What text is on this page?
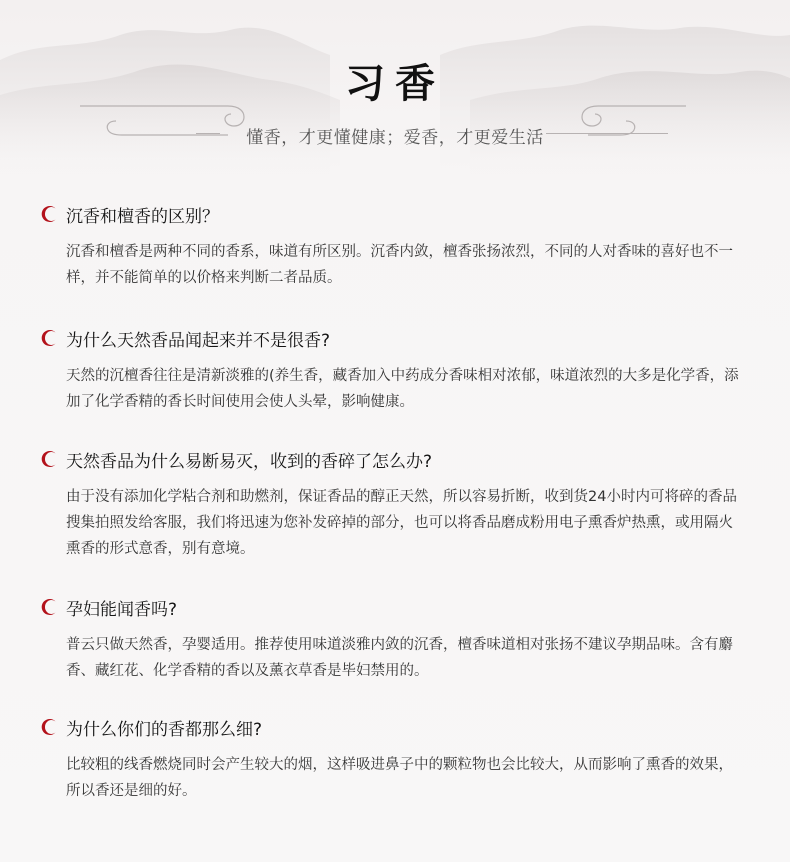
习香
懂香，才更懂健康；爱香，才更爱生活
沉香和檀香的区别？
沉香和檀香是两种不同的香系，味道有所区别。沉香内敛，檀香张扬浓烈，不同的人对香味的喜好也不一样，并不能简单的以价格来判断二者品质。
为什么天然香品闻起来并不是很香?
天然的沉檀香往往是清新淡雅的(养生香，藏香加入中药成分香味相对浓郁，味道浓烈的大多是化学香，添加了化学香精的香长时间使用会使人头晕，影响健康。
天然香品为什么易断易灭，收到的香碎了怎么办?
由于没有添加化学粘合剂和助燃剂，保证香品的醇正天然，所以容易折断，收到货24小时内可将碎的香品搜集拍照发给客服，我们将迅速为您补发碎掉的部分，也可以将香品磨成粉用电子熏香炉热熏，或用隔火熏香的形式意香，别有意境。
孕妇能闻香吗?
普云只做天然香，孕婴适用。推荐使用味道淡雅内敛的沉香，檀香味道相对张扬不建议孕期品味。含有麝香、藏红花、化学香精的香以及薰衣草香是毕妇禁用的。
为什么你们的香都那么细?
比较粗的线香燃烧同时会产生较大的烟，这样吸进鼻子中的颗粒物也会比较大，从而影响了熏香的效果，所以香还是细的好。
